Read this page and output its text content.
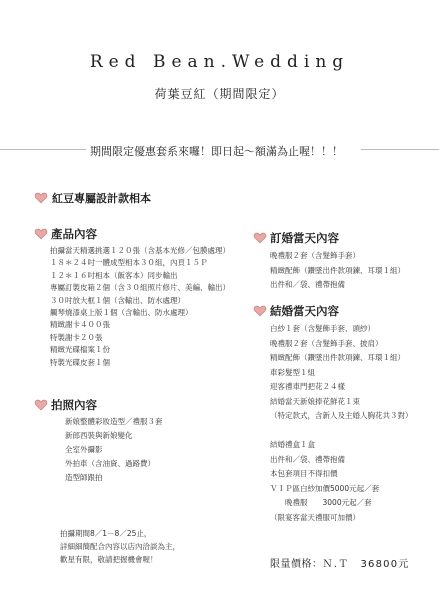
Red Bean.Wedding
荷葉豆紅（期間限定）
期間限定優惠套系來囉！即日起～額滿為止喔！！！
紅豆專屬設計款相本
產品內容
拍攝當天精選挑選１２０張（含基本光修／包膜處理）
１８＊２４吋一體成型相本３０組，內頁１５Ｐ
１２＊１６吋相本（飯客本）同步輸出
專屬訂製皮箱２個（含３０組照片修片、美編、輸出）
３０吋放大框１個（含輸出、防水處理）
觸琴燒漆桌上版１個（含輸出、防水處理）
精緻謝卡４００張
特製謝卡２０張
精緻光碟檔案１份
特製光碟皮套１個
拍照內容
新娘整體彩妝造型／禮服３套
新郎西裝與新娘變化
全室外攝影
外拍車（含油資、過路費）
造型師跟拍
訂婚當天內容
晚禮服２套（含髮飾手套）
精緻配飾（鑽墜出件款項鍊、耳環１組）
出件和／袋、禮帶抱備
結婚當天內容
白紗１套（含髮飾手套、頭紗）
晚禮服２套（含髮飾手套、披肩）
精緻配飾（鑽墜出件款項鍊、耳環１組）
車彩髮型１組
迎客禮車門把花２４樣
結婚當天新娘捧花鮮花１束
（特定款式，含新人及主婚人胸花共３對）
結婚禮盒１盒
出件和／袋、禮帶抱備
本包套項目不得扣價
ＶＩＰ區白紗加價5000元起／套
　　晚禮服　　3000元起／套
（限宴客當天禮服可加價）
拍攝期間8／1－8／25止，
詳細細簡配合內容以店內洽談為主，
歡星有限，敬請把握機會喔！	限量價格：Ｎ.Ｔ　36800元
